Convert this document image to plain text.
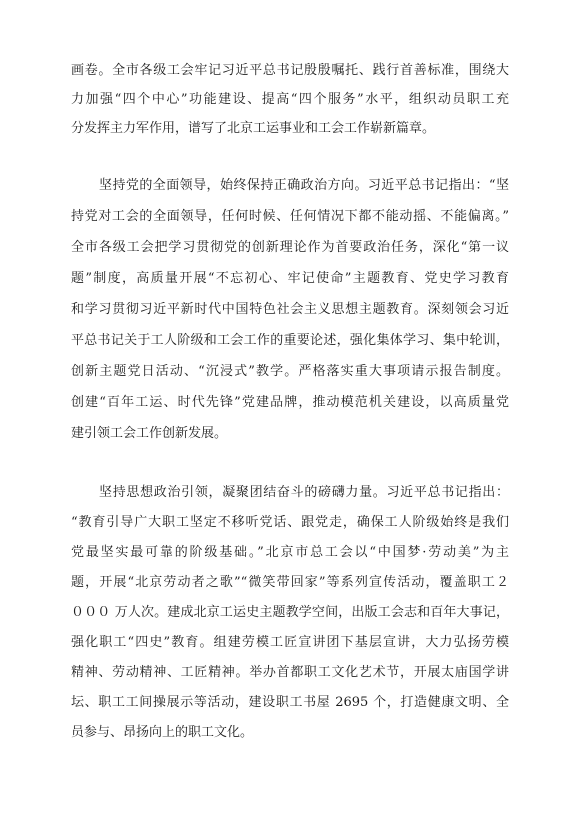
画卷。全市各级工会牢记习近平总书记殷殷嘱托、践行首善标准，围绕大
力加强“四个中心”功能建设、提高“四个服务”水平，组织动员职工充
分发挥主力军作用，谱写了北京工运事业和工会工作崭新篇章。
坚持党的全面领导，始终保持正确政治方向。习近平总书记指出：“坚
持党对工会的全面领导，任何时候、任何情况下都不能动摇、不能偏离。”
全市各级工会把学习贯彻党的创新理论作为首要政治任务，深化“第一议
题”制度，高质量开展“不忘初心、牢记使命”主题教育、党史学习教育
和学习贯彻习近平新时代中国特色社会主义思想主题教育。深刻领会习近
平总书记关于工人阶级和工会工作的重要论述，强化集体学习、集中轮训，
创新主题党日活动、“沉浸式”教学。严格落实重大事项请示报告制度。
创建“百年工运、时代先锋”党建品牌，推动模范机关建设，以高质量党
建引领工会工作创新发展。
坚持思想政治引领，凝聚团结奋斗的磅礴力量。习近平总书记指出：
“教育引导广大职工坚定不移听党话、跟党走，确保工人阶级始终是我们
党最坚实最可靠的阶级基础。”北京市总工会以“中国梦·劳动美”为主
题，开展“北京劳动者之歌”“微笑带回家”等系列宣传活动，覆盖职工２
０００ 万人次。建成北京工运史主题教学空间，出版工会志和百年大事记，
强化职工“四史”教育。组建劳模工匠宣讲团下基层宣讲，大力弘扬劳模
精神、劳动精神、工匠精神。举办首都职工文化艺术节，开展太庙国学讲
坛、职工工间操展示等活动，建设职工书屋 2695 个，打造健康文明、全
员参与、昂扬向上的职工文化。
